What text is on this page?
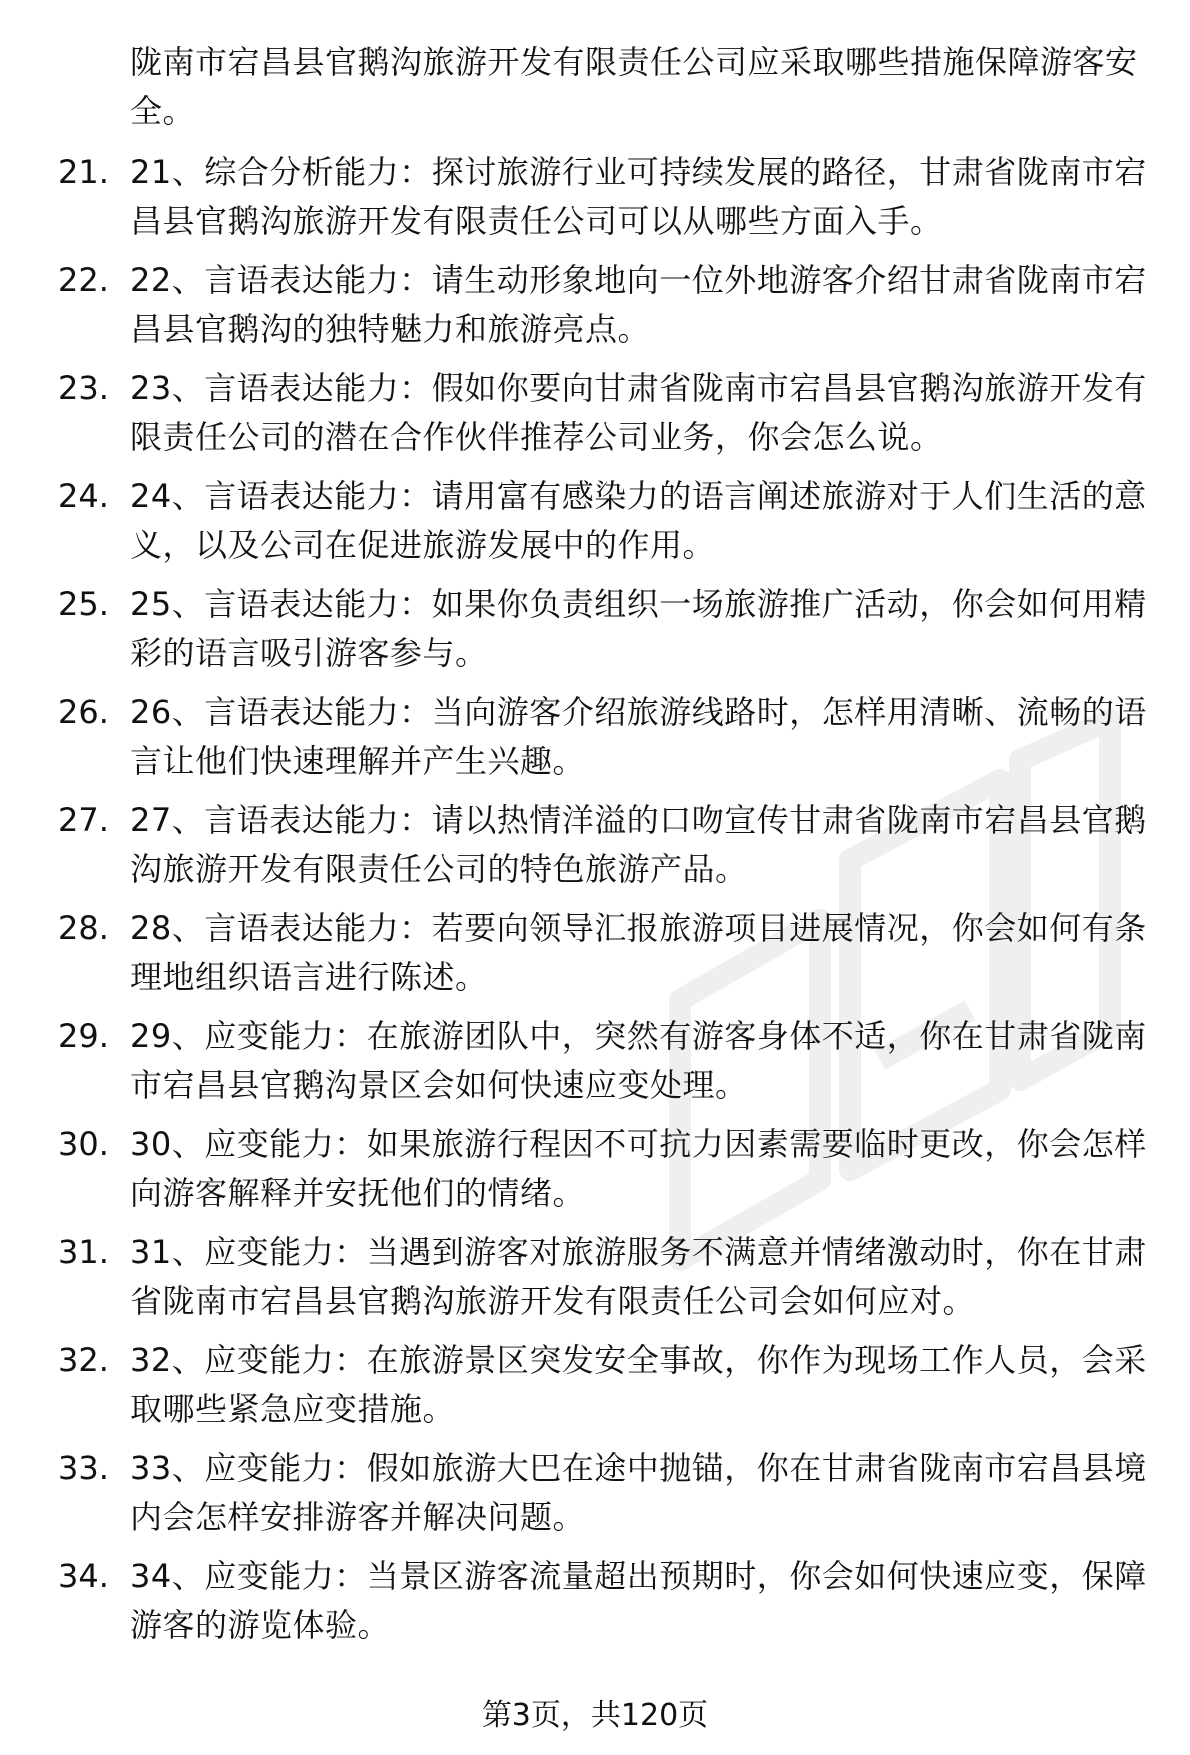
陇南市宕昌县官鹅沟旅游开发有限责任公司应采取哪些措施保障游客安全。
21. 21、综合分析能力：探讨旅游行业可持续发展的路径，甘肃省陇南市宕昌县官鹅沟旅游开发有限责任公司可以从哪些方面入手。
22. 22、言语表达能力：请生动形象地向一位外地游客介绍甘肃省陇南市宕昌县官鹅沟的独特魅力和旅游亮点。
23. 23、言语表达能力：假如你要向甘肃省陇南市宕昌县官鹅沟旅游开发有限责任公司的潜在合作伙伴推荐公司业务，你会怎么说。
24. 24、言语表达能力：请用富有感染力的语言阐述旅游对于人们生活的意义，以及公司在促进旅游发展中的作用。
25. 25、言语表达能力：如果你负责组织一场旅游推广活动，你会如何用精彩的语言吸引游客参与。
26. 26、言语表达能力：当向游客介绍旅游线路时，怎样用清晰、流畅的语言让他们快速理解并产生兴趣。
27. 27、言语表达能力：请以热情洋溢的口吻宣传甘肃省陇南市宕昌县官鹅沟旅游开发有限责任公司的特色旅游产品。
28. 28、言语表达能力：若要向领导汇报旅游项目进展情况，你会如何有条理地组织语言进行陈述。
29. 29、应变能力：在旅游团队中，突然有游客身体不适，你在甘肃省陇南市宕昌县官鹅沟景区会如何快速应变处理。
30. 30、应变能力：如果旅游行程因不可抗力因素需要临时更改，你会怎样向游客解释并安抚他们的情绪。
31. 31、应变能力：当遇到游客对旅游服务不满意并情绪激动时，你在甘肃省陇南市宕昌县官鹅沟旅游开发有限责任公司会如何应对。
32. 32、应变能力：在旅游景区突发安全事故，你作为现场工作人员，会采取哪些紧急应变措施。
33. 33、应变能力：假如旅游大巴在途中抛锚，你在甘肃省陇南市宕昌县境内会怎样安排游客并解决问题。
34. 34、应变能力：当景区游客流量超出预期时，你会如何快速应变，保障游客的游览体验。
第3页，共120页
